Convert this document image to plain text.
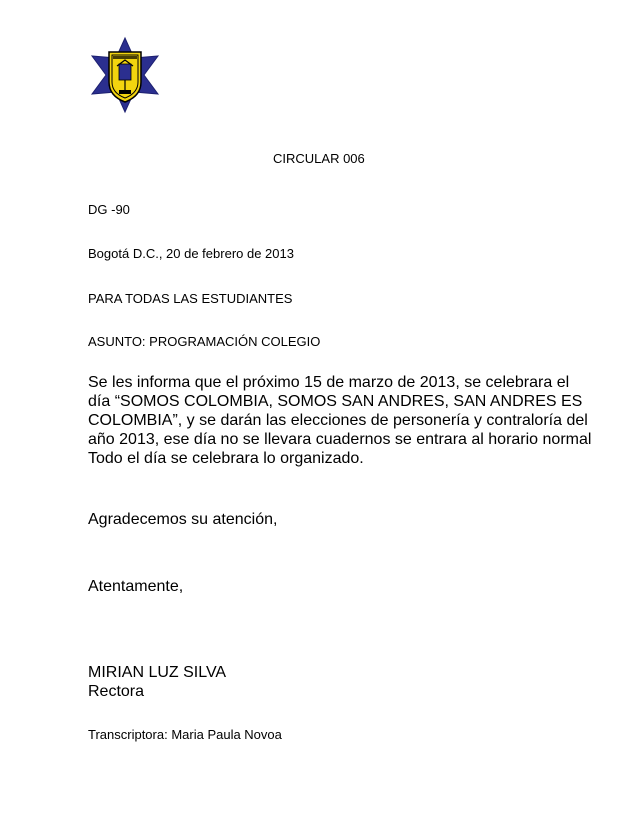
CIRCULAR 006
DG -90
Bogotá D.C., 20 de febrero de 2013
PARA TODAS LAS ESTUDIANTES
ASUNTO: PROGRAMACIÓN COLEGIO
Se les informa que el próximo 15 de marzo de 2013, se celebrara el
día “SOMOS COLOMBIA, SOMOS SAN ANDRES, SAN ANDRES ES
COLOMBIA”, y se darán las elecciones de personería y contraloría del
año 2013, ese día no se llevara cuadernos se entrara al horario normal
Todo el día se celebrara lo organizado.
Agradecemos su atención,
Atentamente,
MIRIAN LUZ SILVA
Rectora
Transcriptora: Maria Paula Novoa
